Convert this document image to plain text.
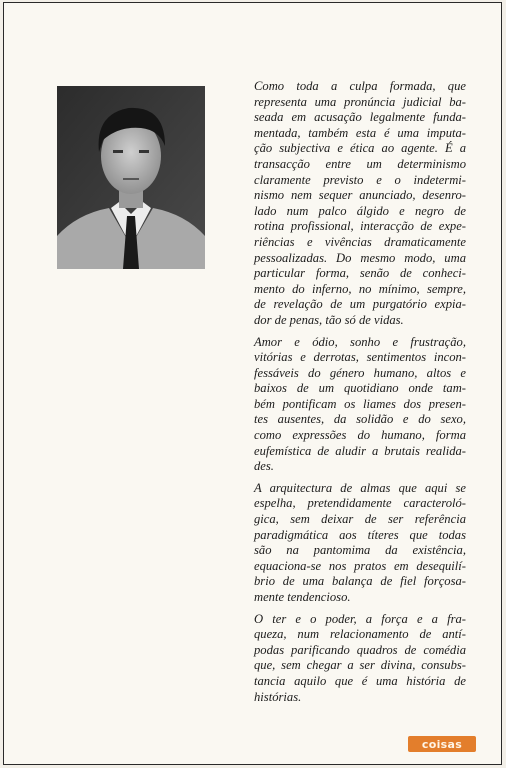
Como toda a culpa formada, que
representa uma pronúncia judicial ba-
seada em acusação legalmente funda-
mentada, também esta é uma imputa-
ção subjectiva e ética ao agente. É a
transacção entre um determinismo
claramente previsto e o indetermi-
nismo nem sequer anunciado, desenro-
lado num palco álgido e negro de
rotina profissional, interacção de expe-
riências e vivências dramaticamente
pessoalizadas. Do mesmo modo, uma
particular forma, senão de conheci-
mento do inferno, no mínimo, sempre,
de revelação de um purgatório expia-
dor de penas, tão só de vidas.

Amor e ódio, sonho e frustração,
vitórias e derrotas, sentimentos incon-
fessáveis do género humano, altos e
baixos de um quotidiano onde tam-
bém pontificam os liames dos presen-
tes ausentes, da solidão e do sexo,
como expressões do humano, forma
eufemística de aludir a brutais realida-
des.

A arquitectura de almas que aqui se
espelha, pretendidamente caracteroló-
gica, sem deixar de ser referência
paradigmática aos títeres que todas
são na pantomima da existência,
equaciona-se nos pratos em desequilí-
brio de uma balança de fiel forçosa-
mente tendencioso.

O ter e o poder, a força e a fra-
queza, num relacionamento de antí-
podas parificando quadros de comédia
que, sem chegar a ser divina, consubs-
tancia aquilo que é uma história de
histórias.

coisas
